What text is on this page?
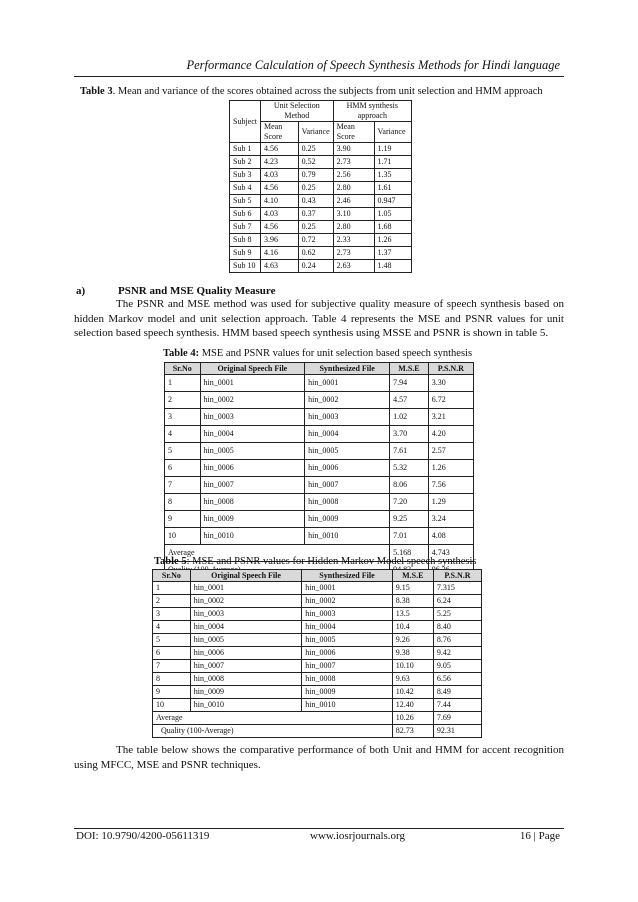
Performance Calculation of Speech Synthesis Methods for Hindi language
Table 3. Mean and variance of the scores obtained across the subjects from unit selection and HMM approach
Subject	Unit Selection Method		HMM synthesis approach	
	Mean Score	Variance	Mean Score	Variance
Sub 1	4.56	0.25	3.90	1.19
Sub 2	4.23	0.52	2.73	1.71
Sub 3	4.03	0.79	2.56	1.35
Sub 4	4.56	0.25	2.80	1.61
Sub 5	4.10	0.43	2.46	0.947
Sub 6	4.03	0.37	3.10	1.05
Sub 7	4.56	0.25	2.80	1.68
Sub 8	3.96	0.72	2.33	1.26
Sub 9	4.16	0.62	2.73	1.37
Sub 10	4.63	0.24	2.63	1.48
a)	PSNR and MSE Quality Measure
The PSNR and MSE method was used for subjective quality measure of speech synthesis based on hidden Markov model and unit selection approach. Table 4 represents the MSE and PSNR values for unit selection based speech synthesis. HMM based speech synthesis using MSSE and PSNR is shown in table 5.
Table 4: MSE and PSNR values for unit selection based speech synthesis
Sr.No	Original Speech File	Synthesized File	M.S.E	P.S.N.R
1	hin_0001	hin_0001	7.94	3.30
2	hin_0002	hin_0002	4.57	6.72
3	hin_0003	hin_0003	1.02	3.21
4	hin_0004	hin_0004	3.70	4.20
5	hin_0005	hin_0005	7.61	2.57
6	hin_0006	hin_0006	5.32	1.26
7	hin_0007	hin_0007	8.06	7.56
8	hin_0008	hin_0008	7.20	1.29
9	hin_0009	hin_0009	9.25	3.24
10	hin_0010	hin_0010	7.01	4.08
Average			5.168	4.743

Table 5: MSE and PSNR values for Hidden Markov Model speech synthesis
Sr.No	Original Speech File	Synthesized File	M.S.E	P.S.N.R
1	hin_0001	hin_0001	9.15	7.315
2	hin_0002	hin_0002	8.38	6.24
3	hin_0003	hin_0003	13.5	5.25
4	hin_0004	hin_0004	10.4	8.40
5	hin_0005	hin_0005	9.26	8.76
6	hin_0006	hin_0006	9.38	9.42
7	hin_0007	hin_0007	10.10	9.05
8	hin_0008	hin_0008	9.63	6.56
9	hin_0009	hin_0009	10.42	8.49
10	hin_0010	hin_0010	12.40	7.44
Average			10.26	7.69
Quality (100-Average)			82.73	92.31
The table below shows the comparative performance of both Unit and HMM for accent recognition using MFCC, MSE and PSNR techniques.
DOI: 10.9790/4200-05611319	www.iosrjournals.org	16 | Page
